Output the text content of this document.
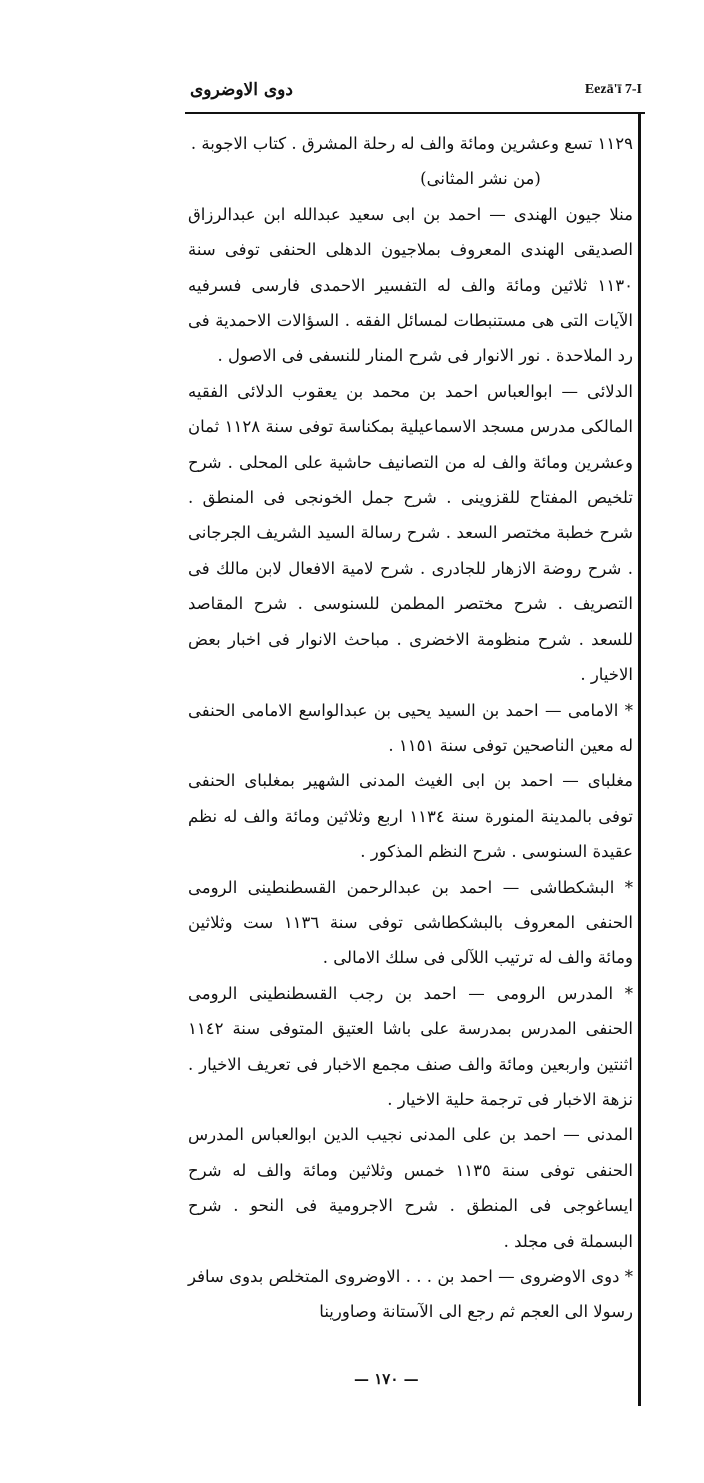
دوى الاوضروى	Eezā'ī 7-I

١١٢٩ تسع وعشرين ومائة والف له رحلة المشرق . كتاب الاجوبة .

(من نشر المثانى)

منلا جيون الهندى — احمد بن ابى سعيد عبدالله ابن عبدالرزاق الصديقى الهندى المعروف بملاجيون الدهلى الحنفى توفى سنة ١١٣٠ ثلاثين ومائة والف له التفسير الاحمدى فارسى فسرفيه الآيات التى هى مستنبطات لمسائل الفقه . السؤالات الاحمدية فى رد الملاحدة . نور الانوار فى شرح المنار للنسفى فى الاصول .

الدلائى — ابوالعباس احمد بن محمد بن يعقوب الدلائى الفقيه المالكى مدرس مسجد الاسماعيلية بمكناسة توفى سنة ١١٢٨ ثمان وعشرين ومائة والف له من التصانيف حاشية على المحلى . شرح تلخيص المفتاح للقزوينى . شرح جمل الخونجى فى المنطق . شرح خطبة مختصر السعد . شرح رسالة السيد الشريف الجرجانى . شرح روضة الازهار للجادرى . شرح لامية الافعال لابن مالك فى التصريف . شرح مختصر المطمن للسنوسى . شرح المقاصد للسعد . شرح منظومة الاخضرى . مباحث الانوار فى اخبار بعض الاخيار .

* الامامى — احمد بن السيد يحيى بن عبدالواسع الامامى الحنفى له معين الناصحين توفى سنة ١١٥١ .

مغلباى — احمد بن ابى الغيث المدنى الشهير بمغلباى الحنفى توفى بالمدينة المنورة سنة ١١٣٤ اربع وثلاثين ومائة والف له نظم عقيدة السنوسى . شرح النظم المذكور .

* البشكطاشى — احمد بن عبدالرحمن القسطنطينى الرومى الحنفى المعروف بالبشكطاشى توفى سنة ١١٣٦ ست وثلاثين ومائة والف له ترتيب اللآلى فى سلك الامالى .

* المدرس الرومى — احمد بن رجب القسطنطينى الرومى الحنفى المدرس بمدرسة على باشا العتيق المتوفى سنة ١١٤٢ اثنتين واربعين ومائة والف صنف مجمع الاخبار فى تعريف الاخيار . نزهة الاخبار فى ترجمة حلية الاخيار .

المدنى — احمد بن على المدنى نجيب الدين ابوالعباس المدرس الحنفى توفى سنة ١١٣٥ خمس وثلاثين ومائة والف له شرح ايساغوجى فى المنطق . شرح الاجرومية فى النحو . شرح البسملة فى مجلد .

* دوى الاوضروى — احمد بن . . . الاوضروى المتخلص بدوى سافر رسولا الى العجم ثم رجع الى الآستانة وصاورينا

— ١٧٠ —
